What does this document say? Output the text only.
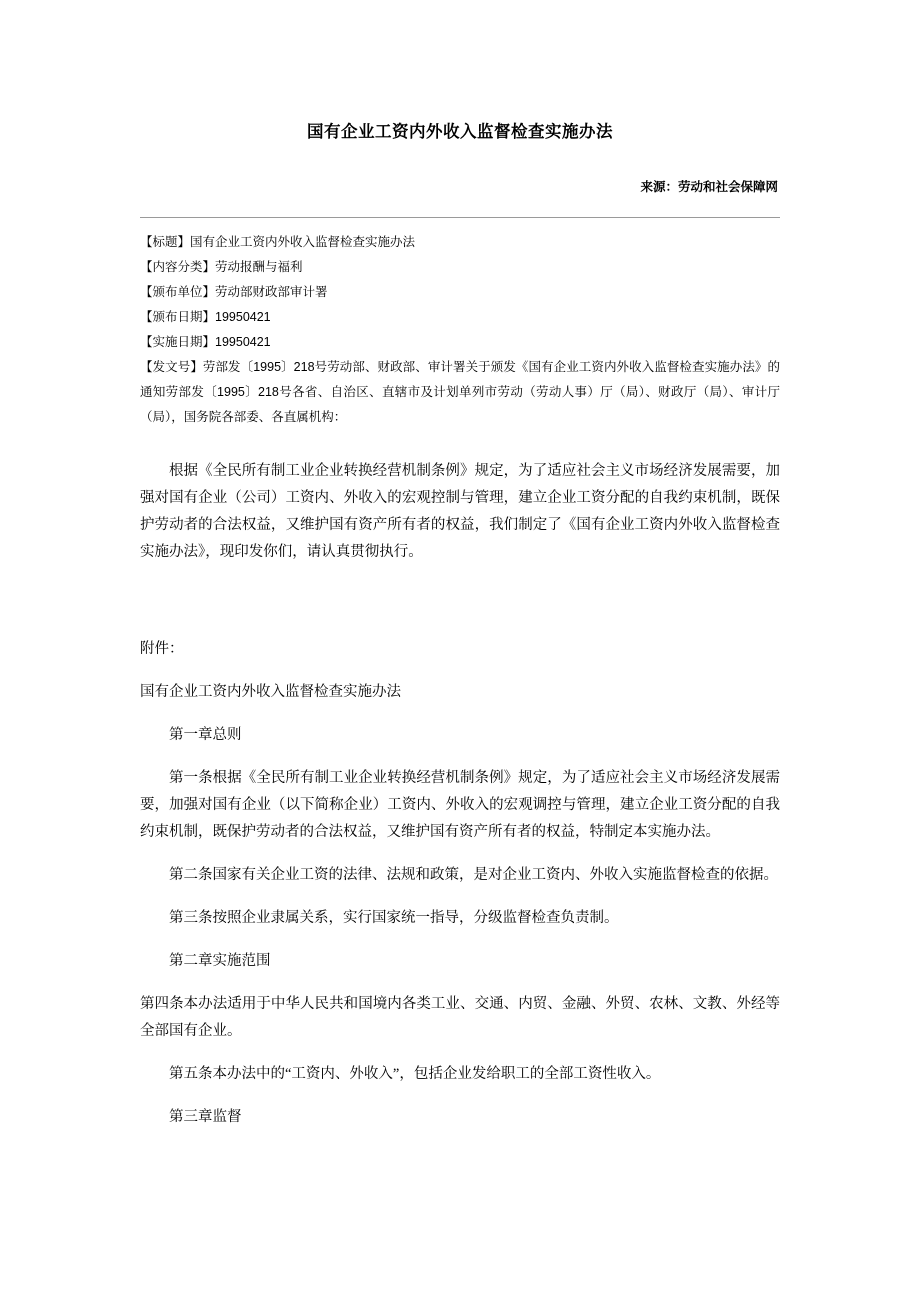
国有企业工资内外收入监督检查实施办法
来源：劳动和社会保障网
【标题】国有企业工资内外收入监督检查实施办法
【内容分类】劳动报酬与福利
【颁布单位】劳动部财政部审计署
【颁布日期】19950421
【实施日期】19950421
【发文号】劳部发〔1995〕218号劳动部、财政部、审计署关于颁发《国有企业工资内外收入监督检查实施办法》的通知劳部发〔1995〕218号各省、自治区、直辖市及计划单列市劳动（劳动人事）厅（局）、财政厅（局）、审计厅（局），国务院各部委、各直属机构：

根据《全民所有制工业企业转换经营机制条例》规定，为了适应社会主义市场经济发展需要，加强对国有企业（公司）工资内、外收入的宏观控制与管理，建立企业工资分配的自我约束机制，既保护劳动者的合法权益，又维护国有资产所有者的权益，我们制定了《国有企业工资内外收入监督检查实施办法》，现印发你们，请认真贯彻执行。

附件：

国有企业工资内外收入监督检查实施办法

第一章总则

第一条根据《全民所有制工业企业转换经营机制条例》规定，为了适应社会主义市场经济发展需要，加强对国有企业（以下简称企业）工资内、外收入的宏观调控与管理，建立企业工资分配的自我约束机制，既保护劳动者的合法权益，又维护国有资产所有者的权益，特制定本实施办法。

第二条国家有关企业工资的法律、法规和政策，是对企业工资内、外收入实施监督检查的依据。

第三条按照企业隶属关系，实行国家统一指导，分级监督检查负责制。

第二章实施范围

第四条本办法适用于中华人民共和国境内各类工业、交通、内贸、金融、外贸、农林、文教、外经等全部国有企业。

第五条本办法中的“工资内、外收入”，包括企业发给职工的全部工资性收入。

第三章监督
